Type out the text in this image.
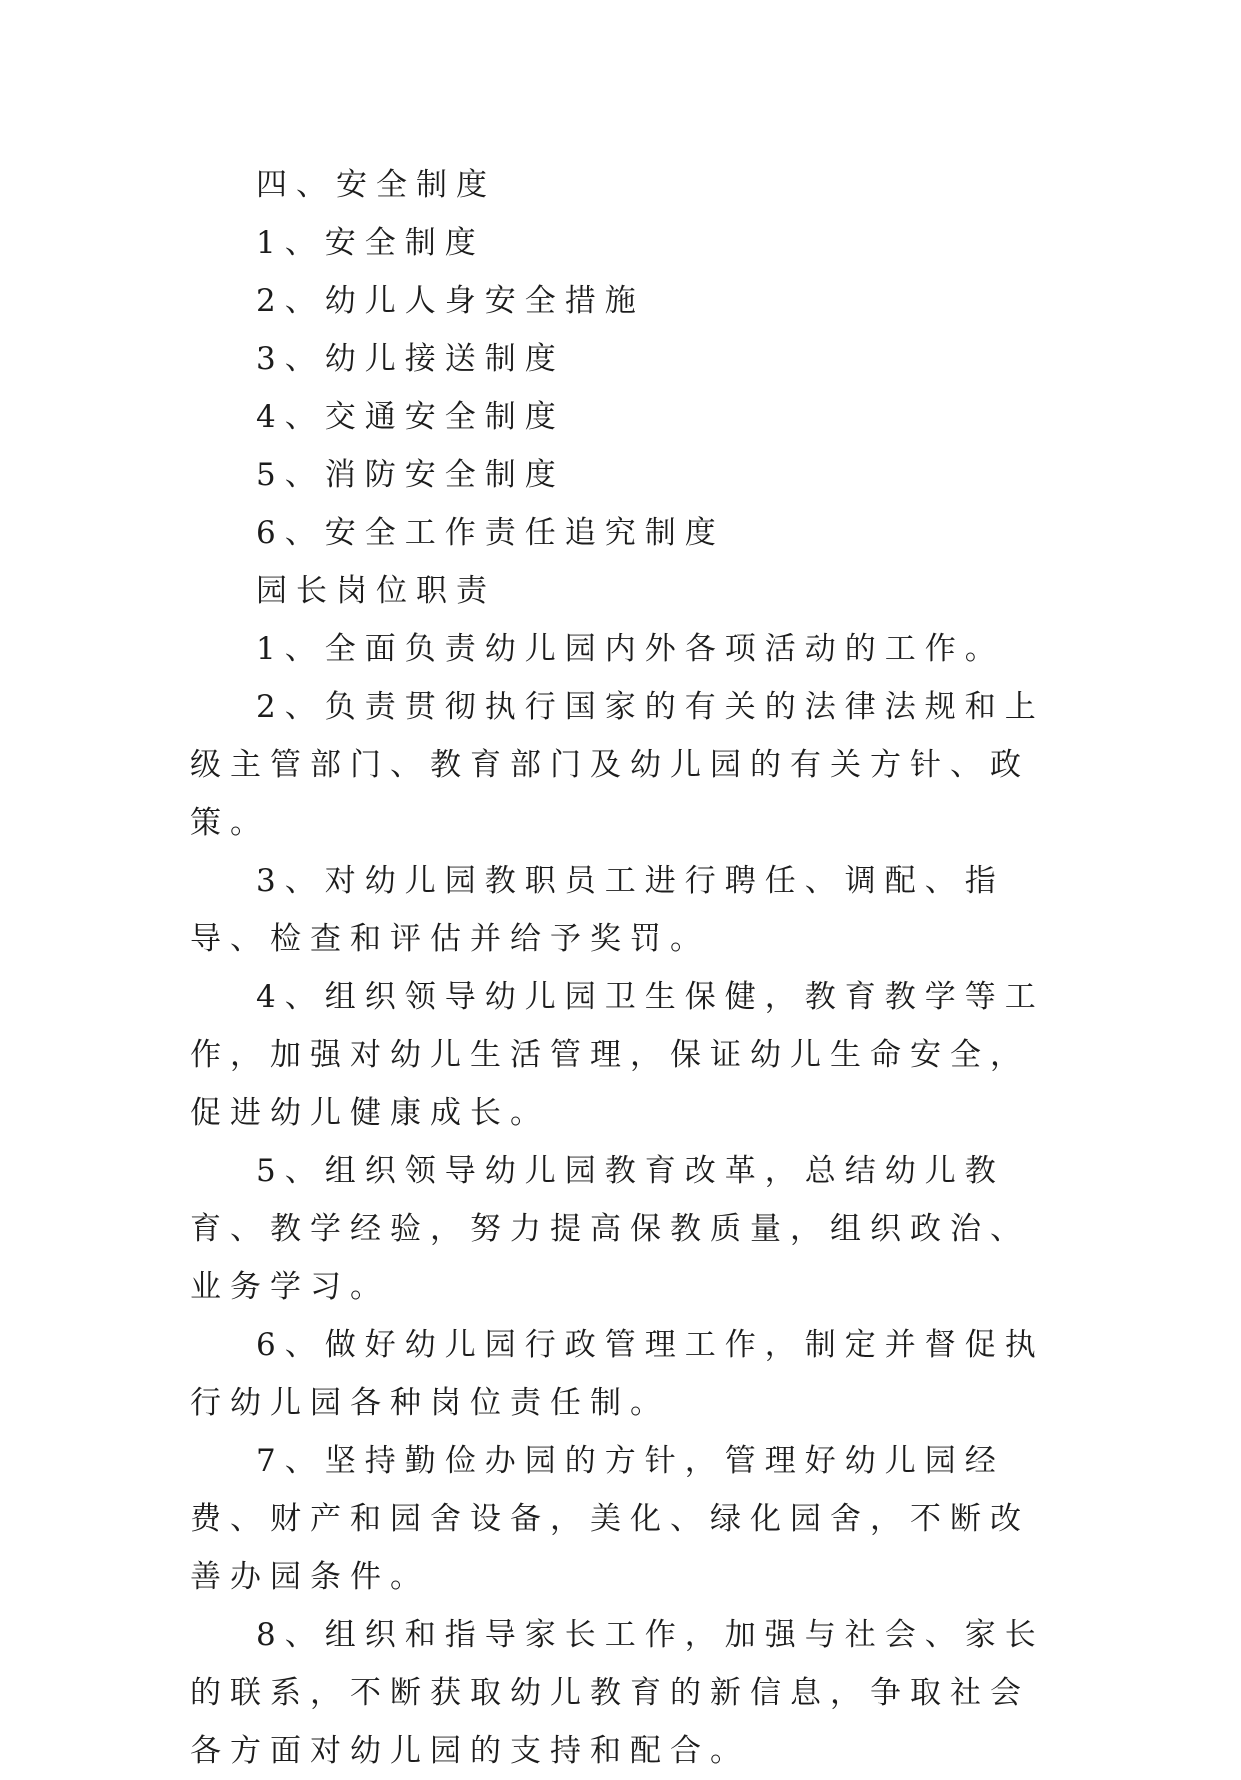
四、安全制度

1、安全制度

2、幼儿人身安全措施

3、幼儿接送制度

4、交通安全制度

5、消防安全制度

6、安全工作责任追究制度

园长岗位职责

1、全面负责幼儿园内外各项活动的工作。

2、负责贯彻执行国家的有关的法律法规和上级主管部门、教育部门及幼儿园的有关方针、政策。

3、对幼儿园教职员工进行聘任、调配、指导、检查和评估并给予奖罚。

4、组织领导幼儿园卫生保健，教育教学等工作，加强对幼儿生活管理，保证幼儿生命安全，促进幼儿健康成长。

5、组织领导幼儿园教育改革，总结幼儿教育、教学经验，努力提高保教质量，组织政治、业务学习。

6、做好幼儿园行政管理工作，制定并督促执行幼儿园各种岗位责任制。

7、坚持勤俭办园的方针，管理好幼儿园经费、财产和园舍设备，美化、绿化园舍，不断改善办园条件。

8、组织和指导家长工作，加强与社会、家长的联系，不断获取幼儿教育的新信息，争取社会各方面对幼儿园的支持和配合。
